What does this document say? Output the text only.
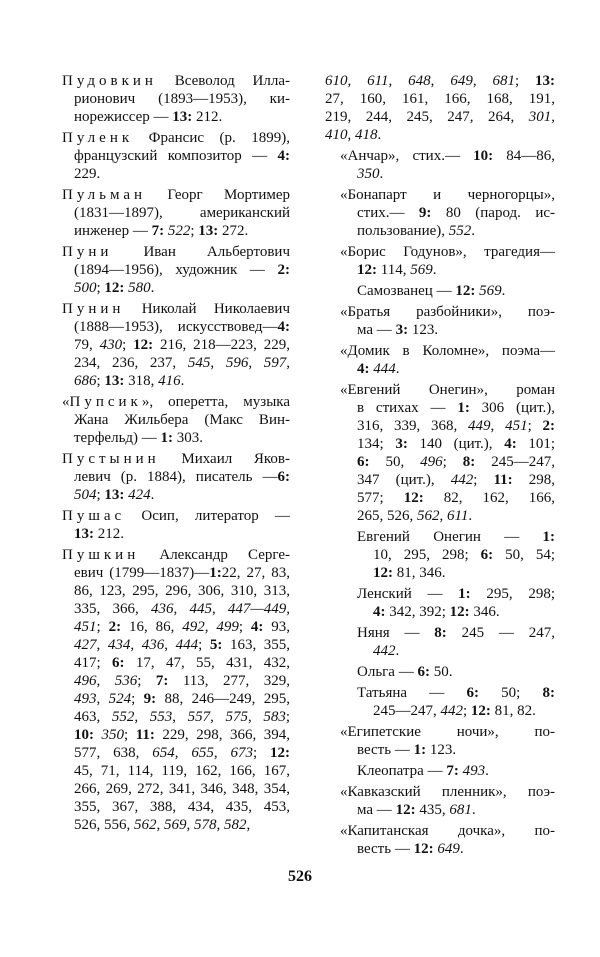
Пудовкин Всеволод Илла-
рионович (1893—1953), ки-
норежиссер — 13: 212.
Пуленк Франсис (р. 1899),
французский композитор — 4:
229.
Пульман Георг Мортимер
(1831—1897), американский
инженер — 7: 522; 13: 272.
Пуни Иван Альбертович
(1894—1956), художник — 2:
500; 12: 580.
Пунин Николай Николаевич
(1888—1953), искусствовед—4:
79, 430; 12: 216, 218—223, 229,
234, 236, 237, 545, 596, 597,
686; 13: 318, 416.
«Пупсик», оперетта, музыка
Жана Жильбера (Макс Вин-
терфельд) — 1: 303.
Пустынин Михаил Яков-
левич (р. 1884), писатель —6:
504; 13: 424.
Пушас Осип, литератор —
13: 212.
Пушкин Александр Серге-
евич (1799—1837)—1:22, 27, 83,
86, 123, 295, 296, 306, 310, 313,
335, 366, 436, 445, 447—449,
451; 2: 16, 86, 492, 499; 4: 93,
427, 434, 436, 444; 5: 163, 355,
417; 6: 17, 47, 55, 431, 432,
496, 536; 7: 113, 277, 329,
493, 524; 9: 88, 246—249, 295,
463, 552, 553, 557, 575, 583;
10: 350; 11: 229, 298, 366, 394,
577, 638, 654, 655, 673; 12:
45, 71, 114, 119, 162, 166, 167,
266, 269, 272, 341, 346, 348, 354,
355, 367, 388, 434, 435, 453,
526, 556, 562, 569, 578, 582,
610, 611, 648, 649, 681; 13:
27, 160, 161, 166, 168, 191,
219, 244, 245, 247, 264, 301,
410, 418.
«Анчар», стих.— 10: 84—86,
350.
«Бонапарт и черногорцы»,
стих.— 9: 80 (парод. ис-
пользование), 552.
«Борис Годунов», трагедия—
12: 114, 569.
Самозванец — 12: 569.
«Братья разбойники», поэ-
ма — 3: 123.
«Домик в Коломне», поэма—
4: 444.
«Евгений Онегин», роман
в стихах — 1: 306 (цит.),
316, 339, 368, 449, 451; 2:
134; 3: 140 (цит.), 4: 101;
6: 50, 496; 8: 245—247,
347 (цит.), 442; 11: 298,
577; 12: 82, 162, 166,
265, 526, 562, 611.
Евгений Онегин — 1:
10, 295, 298; 6: 50, 54;
12: 81, 346.
Ленский — 1: 295, 298;
4: 342, 392; 12: 346.
Няня — 8: 245 — 247,
442.
Ольга — 6: 50.
Татьяна — 6: 50; 8:
245—247, 442; 12: 81, 82.
«Египетские ночи», по-
весть — 1: 123.
Клеопатра — 7: 493.
«Кавказский пленник», поэ-
ма — 12: 435, 681.
«Капитанская дочка», по-
весть — 12: 649.
526
